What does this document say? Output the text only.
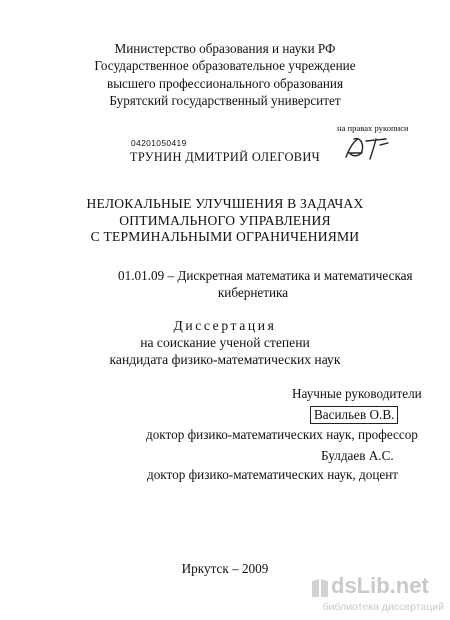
Министерство образования и науки РФ
Государственное образовательное учреждение
высшего профессионального образования
Бурятский государственный университет
на правах рукописи
04201050419
ТРУНИН ДМИТРИЙ ОЛЕГОВИЧ
НЕЛОКАЛЬНЫЕ УЛУЧШЕНИЯ В ЗАДАЧАХ
ОПТИМАЛЬНОГО УПРАВЛЕНИЯ
С ТЕРМИНАЛЬНЫМИ ОГРАНИЧЕНИЯМИ
01.01.09 – Дискретная математика и математическая
кибернетика
Диссертация
на соискание ученой степени
кандидата физико-математических наук
Научные руководители
Васильев О.В.
доктор физико-математических наук, профессор
Булдаев А.С.
доктор физико-математических наук, доцент
Иркутск – 2009
dsLib.net
библиотека диссертаций
